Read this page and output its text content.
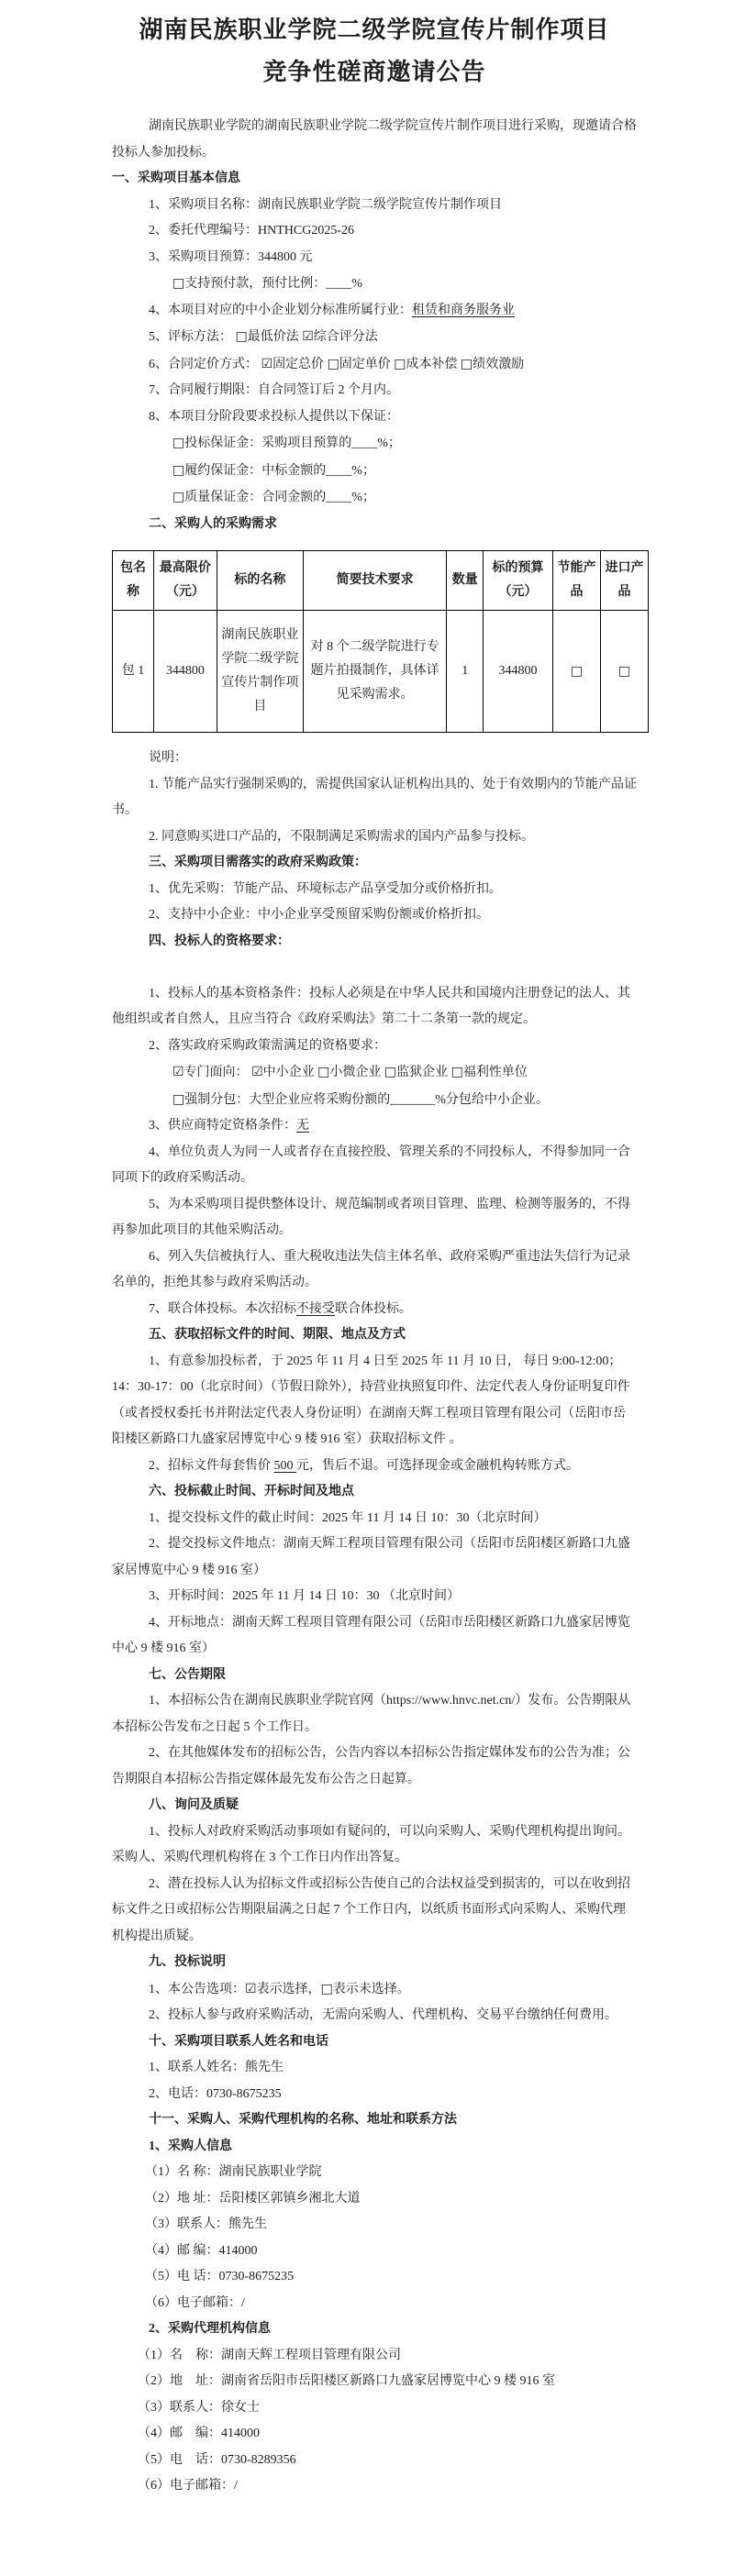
湖南民族职业学院二级学院宣传片制作项目
竞争性磋商邀请公告
湖南民族职业学院的湖南民族职业学院二级学院宣传片制作项目进行采购，现邀请合格投标人参加投标。
一、采购项目基本信息
1、采购项目名称：湖南民族职业学院二级学院宣传片制作项目
2、委托代理编号：HNTHCG2025-26
3、采购项目预算：344800 元
□支持预付款，预付比例：____%
4、本项目对应的中小企业划分标准所属行业：租赁和商务服务业
5、评标方法： □最低价法 ☑综合评分法
6、合同定价方式： ☑固定总价 □固定单价 □成本补偿 □绩效激励
7、合同履行期限：自合同签订后 2 个月内。
8、本项目分阶段要求投标人提供以下保证：
□投标保证金：采购项目预算的____%；
□履约保证金：中标金额的____%；
□质量保证金：合同金额的____%；
二、采购人的采购需求
包名称	最高限价（元）	标的名称	简要技术要求	数量	标的预算（元）	节能产品	进口产品
包 1	344800	湖南民族职业学院二级学院宣传片制作项目	对 8 个二级学院进行专题片拍摄制作，具体详见采购需求。	1	344800	□	□
说明：
1. 节能产品实行强制采购的，需提供国家认证机构出具的、处于有效期内的节能产品证书。
2. 同意购买进口产品的，不限制满足采购需求的国内产品参与投标。
三、采购项目需落实的政府采购政策：
1、优先采购：节能产品、环境标志产品享受加分或价格折扣。
2、支持中小企业：中小企业享受预留采购份额或价格折扣。
四、投标人的资格要求：

1、投标人的基本资格条件：投标人必须是在中华人民共和国境内注册登记的法人、其他组织或者自然人，且应当符合《政府采购法》第二十二条第一款的规定。
2、落实政府采购政策需满足的资格要求：
☑专门面向： ☑中小企业 □小微企业 □监狱企业 □福利性单位
□强制分包：大型企业应将采购份额的_______%分包给中小企业。
3、供应商特定资格条件：无
4、单位负责人为同一人或者存在直接控股、管理关系的不同投标人，不得参加同一合同项下的政府采购活动。
5、为本采购项目提供整体设计、规范编制或者项目管理、监理、检测等服务的，不得再参加此项目的其他采购活动。
6、列入失信被执行人、重大税收违法失信主体名单、政府采购严重违法失信行为记录名单的，拒绝其参与政府采购活动。
7、联合体投标。本次招标不接受联合体投标。
五、获取招标文件的时间、期限、地点及方式
1、有意参加投标者，于 2025 年 11 月 4 日至 2025 年 11 月 10 日， 每日 9:00-12:00；14：30-17：00（北京时间）（节假日除外），持营业执照复印件、法定代表人身份证明复印件（或者授权委托书并附法定代表人身份证明）在湖南天辉工程项目管理有限公司（岳阳市岳阳楼区新路口九盛家居博览中心 9 楼 916 室）获取招标文件 。
2、招标文件每套售价 500 元，售后不退。可选择现金或金融机构转账方式。
六、投标截止时间、开标时间及地点
1、提交投标文件的截止时间：2025 年 11 月 14 日 10：30（北京时间）
2、提交投标文件地点：湖南天辉工程项目管理有限公司（岳阳市岳阳楼区新路口九盛家居博览中心 9 楼 916 室）
3、开标时间：2025 年 11 月 14 日 10：30 （北京时间）
4、开标地点：湖南天辉工程项目管理有限公司（岳阳市岳阳楼区新路口九盛家居博览中心 9 楼 916 室）
七、公告期限
1、本招标公告在湖南民族职业学院官网（https://www.hnvc.net.cn/）发布。公告期限从本招标公告发布之日起 5 个工作日。
2、在其他媒体发布的招标公告，公告内容以本招标公告指定媒体发布的公告为准；公告期限自本招标公告指定媒体最先发布公告之日起算。
八、询问及质疑
1、投标人对政府采购活动事项如有疑问的，可以向采购人、采购代理机构提出询问。采购人、采购代理机构将在 3 个工作日内作出答复。
2、潜在投标人认为招标文件或招标公告使自己的合法权益受到损害的，可以在收到招标文件之日或招标公告期限届满之日起 7 个工作日内，以纸质书面形式向采购人、采购代理机构提出质疑。
九、投标说明
1、本公告选项：☑表示选择，□表示未选择。
2、投标人参与政府采购活动，无需向采购人、代理机构、交易平台缴纳任何费用。
十、采购项目联系人姓名和电话
1、联系人姓名：熊先生
2、电话：0730-8675235
十一、采购人、采购代理机构的名称、地址和联系方法
1、采购人信息
（1）名 称：湖南民族职业学院
（2）地 址：岳阳楼区郭镇乡湘北大道
（3）联系人：熊先生
（4）邮 编：414000
（5）电 话：0730-8675235
（6）电子邮箱：/
2、采购代理机构信息
（1）名　称：湖南天辉工程项目管理有限公司
（2）地　址：湖南省岳阳市岳阳楼区新路口九盛家居博览中心 9 楼 916 室
（3）联系人：徐女士
（4）邮　编：414000
（5）电　话：0730-8289356
（6）电子邮箱：/
